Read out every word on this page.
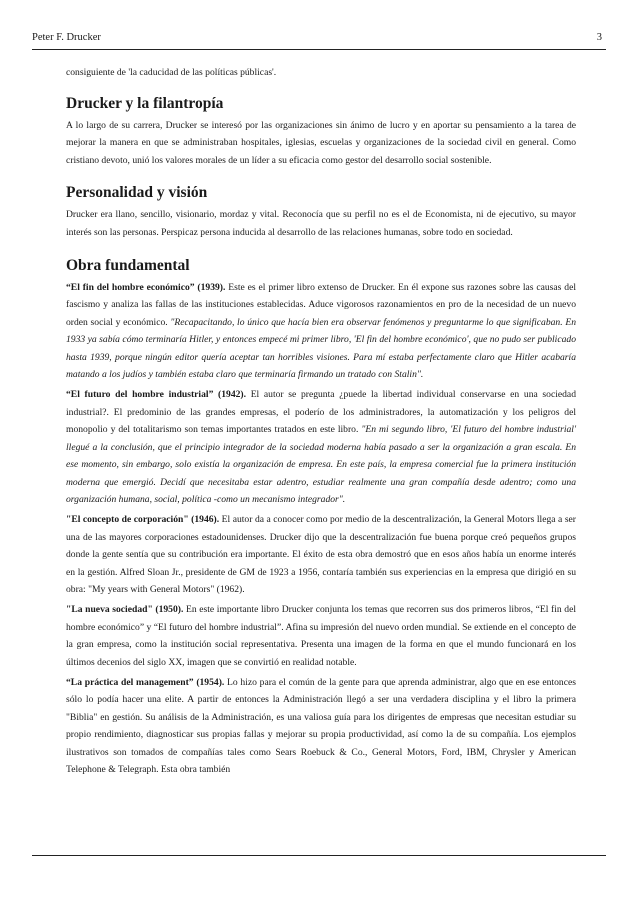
Peter F. Drucker	3

consiguiente de 'la caducidad de las políticas públicas'.

Drucker y la filantropía

A lo largo de su carrera, Drucker se interesó por las organizaciones sin ánimo de lucro y en aportar su pensamiento a la tarea de mejorar la manera en que se administraban hospitales, iglesias, escuelas y organizaciones de la sociedad civil en general. Como cristiano devoto, unió los valores morales de un líder a su eficacia como gestor del desarrollo social sostenible.

Personalidad y visión

Drucker era llano, sencillo, visionario, mordaz y vital. Reconocía que su perfil no es el de Economista, ni de ejecutivo, su mayor interés son las personas. Perspicaz persona inducida al desarrollo de las relaciones humanas, sobre todo en sociedad.

Obra fundamental

“El fin del hombre económico” (1939). Este es el primer libro extenso de Drucker. En él expone sus razones sobre las causas del fascismo y analiza las fallas de las instituciones establecidas. Aduce vigorosos razonamientos en pro de la necesidad de un nuevo orden social y económico. "Recapacitando, lo único que hacía bien era observar fenómenos y preguntarme lo que significaban. En 1933 ya sabía cómo terminaría Hitler, y entonces empecé mi primer libro, 'El fin del hombre económico', que no pudo ser publicado hasta 1939, porque ningún editor quería aceptar tan horribles visiones. Para mí estaba perfectamente claro que Hitler acabaría matando a los judíos y también estaba claro que terminaría firmando un tratado con Stalin".

“El futuro del hombre industrial” (1942). El autor se pregunta ¿puede la libertad individual conservarse en una sociedad industrial?. El predominio de las grandes empresas, el poderío de los administradores, la automatización y los peligros del monopolio y del totalitarismo son temas importantes tratados en este libro. "En mi segundo libro, 'El futuro del hombre industrial' llegué a la conclusión, que el principio integrador de la sociedad moderna había pasado a ser la organización a gran escala. En ese momento, sin embargo, solo existía la organización de empresa. En este país, la empresa comercial fue la primera institución moderna que emergió. Decidí que necesitaba estar adentro, estudiar realmente una gran compañía desde adentro; como una organización humana, social, política -como un mecanismo integrador".

"El concepto de corporación" (1946). El autor da a conocer como por medio de la descentralización, la General Motors llega a ser una de las mayores corporaciones estadounidenses. Drucker dijo que la descentralización fue buena porque creó pequeños grupos donde la gente sentía que su contribución era importante. El éxito de esta obra demostró que en esos años había un enorme interés en la gestión. Alfred Sloan Jr., presidente de GM de 1923 a 1956, contaría también sus experiencias en la empresa que dirigió en su obra: "My years with General Motors" (1962).

"La nueva sociedad" (1950). En este importante libro Drucker conjunta los temas que recorren sus dos primeros libros, “El fin del hombre económico” y “El futuro del hombre industrial”. Afina su impresión del nuevo orden mundial. Se extiende en el concepto de la gran empresa, como la institución social representativa. Presenta una imagen de la forma en que el mundo funcionará en los últimos decenios del siglo XX, imagen que se convirtió en realidad notable.

“La práctica del management” (1954). Lo hizo para el común de la gente para que aprenda administrar, algo que en ese entonces sólo lo podía hacer una elite. A partir de entonces la Administración llegó a ser una verdadera disciplina y el libro la primera "Biblia" en gestión. Su análisis de la Administración, es una valiosa guía para los dirigentes de empresas que necesitan estudiar su propio rendimiento, diagnosticar sus propias fallas y mejorar su propia productividad, así como la de su compañía. Los ejemplos ilustrativos son tomados de compañías tales como Sears Roebuck & Co., General Motors, Ford, IBM, Chrysler y American Telephone & Telegraph. Esta obra también
